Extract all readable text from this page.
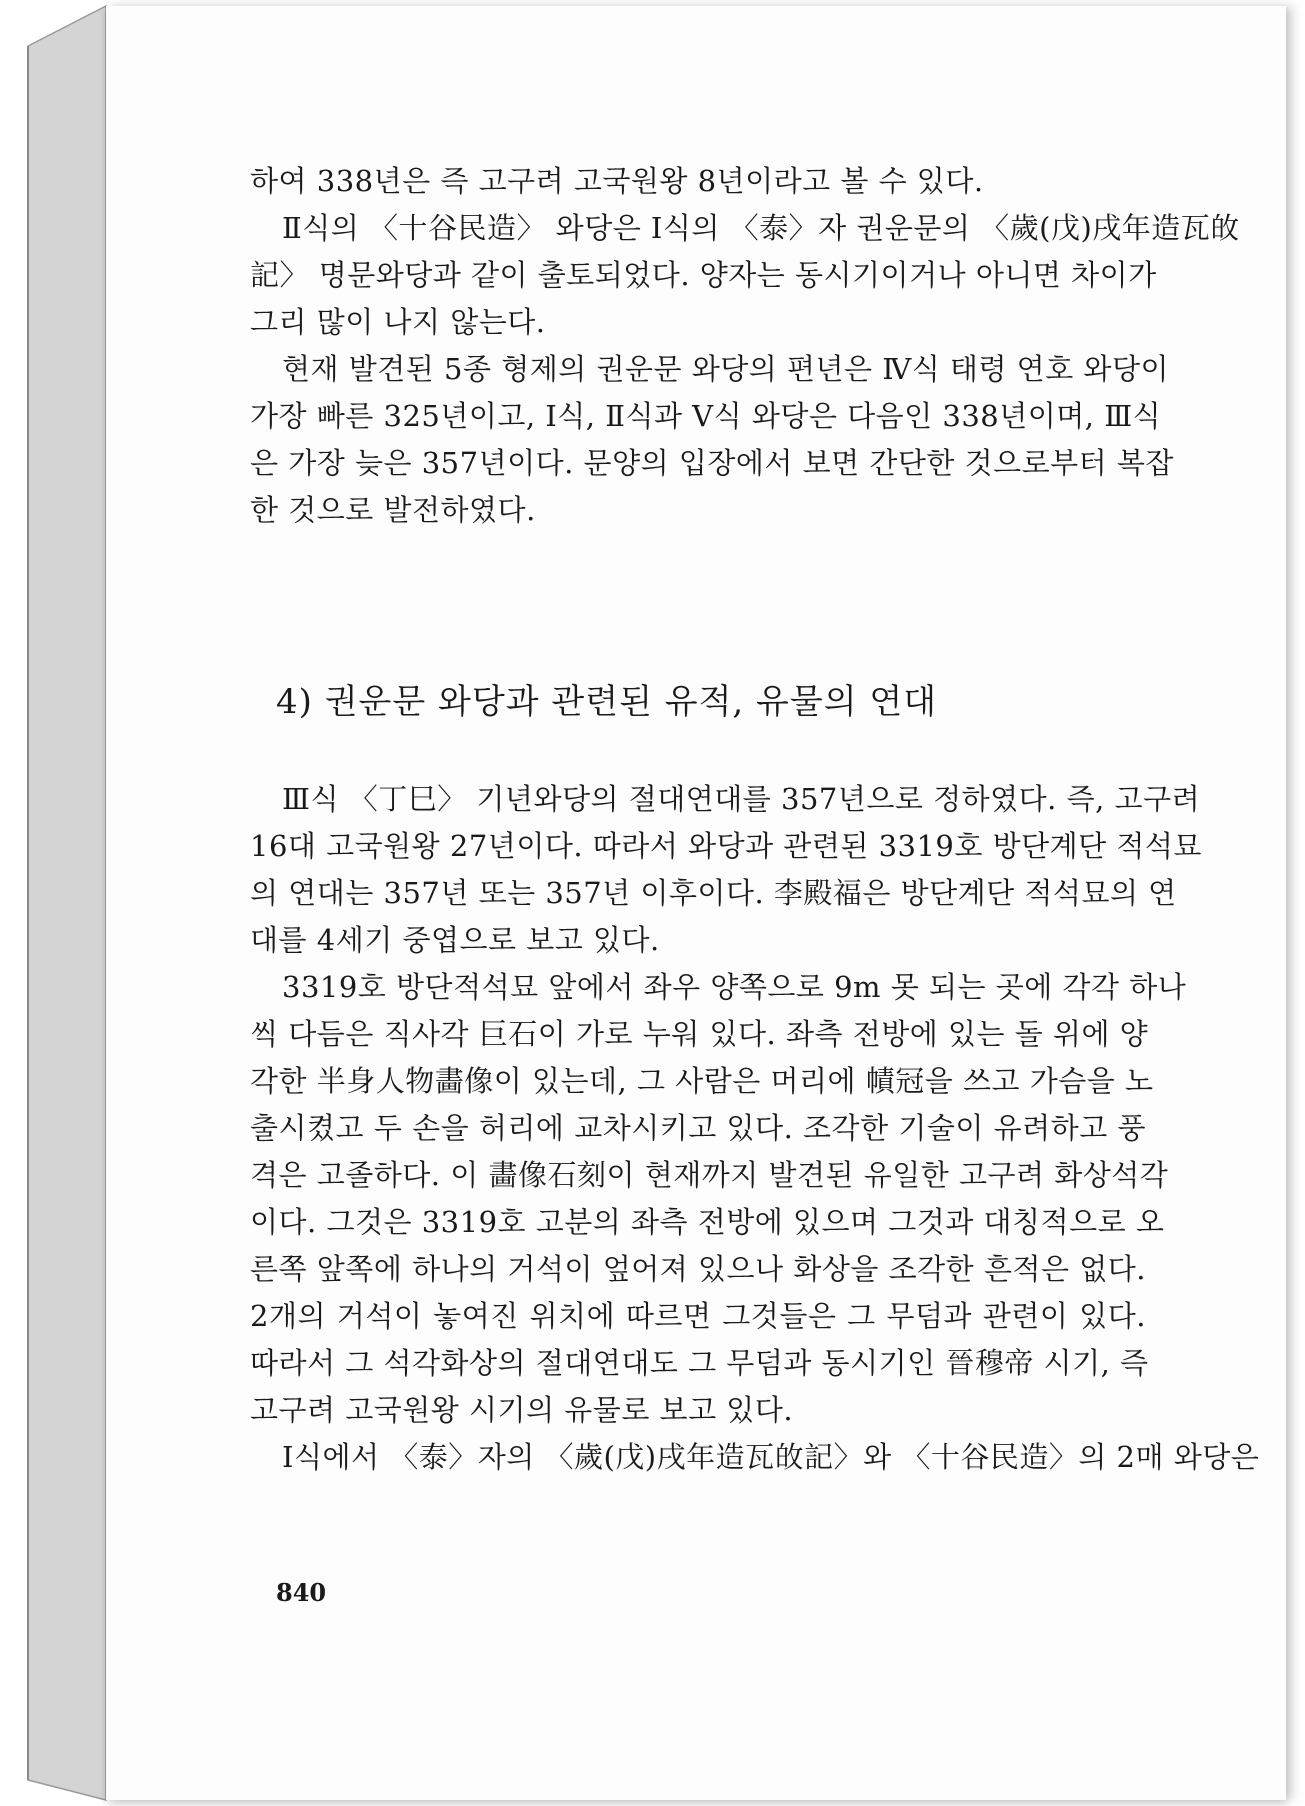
하여 338년은 즉 고구려 고국원왕 8년이라고 볼 수 있다.
Ⅱ식의 〈十谷民造〉 와당은 Ⅰ식의 〈泰〉자 권운문의 〈歲(戊)戌年造瓦敀
記〉 명문와당과 같이 출토되었다. 양자는 동시기이거나 아니면 차이가
그리 많이 나지 않는다.
현재 발견된 5종 형제의 권운문 와당의 편년은 Ⅳ식 태령 연호 와당이
가장 빠른 325년이고, Ⅰ식, Ⅱ식과 Ⅴ식 와당은 다음인 338년이며, Ⅲ식
은 가장 늦은 357년이다. 문양의 입장에서 보면 간단한 것으로부터 복잡
한 것으로 발전하였다.
4) 권운문 와당과 관련된 유적, 유물의 연대
Ⅲ식 〈丁巳〉 기년와당의 절대연대를 357년으로 정하였다. 즉, 고구려
16대 고국원왕 27년이다. 따라서 와당과 관련된 3319호 방단계단 적석묘
의 연대는 357년 또는 357년 이후이다. 李殿福은 방단계단 적석묘의 연
대를 4세기 중엽으로 보고 있다.
3319호 방단적석묘 앞에서 좌우 양쪽으로 9m 못 되는 곳에 각각 하나
씩 다듬은 직사각 巨石이 가로 누워 있다. 좌측 전방에 있는 돌 위에 양
각한 半身人物畵像이 있는데, 그 사람은 머리에 幘冠을 쓰고 가슴을 노
출시켰고 두 손을 허리에 교차시키고 있다. 조각한 기술이 유려하고 풍
격은 고졸하다. 이 畵像石刻이 현재까지 발견된 유일한 고구려 화상석각
이다. 그것은 3319호 고분의 좌측 전방에 있으며 그것과 대칭적으로 오
른쪽 앞쪽에 하나의 거석이 엎어져 있으나 화상을 조각한 흔적은 없다.
2개의 거석이 놓여진 위치에 따르면 그것들은 그 무덤과 관련이 있다.
따라서 그 석각화상의 절대연대도 그 무덤과 동시기인 晉穆帝 시기, 즉
고구려 고국원왕 시기의 유물로 보고 있다.
Ⅰ식에서 〈泰〉자의 〈歲(戊)戌年造瓦敀記〉와 〈十谷民造〉의 2매 와당은
840
